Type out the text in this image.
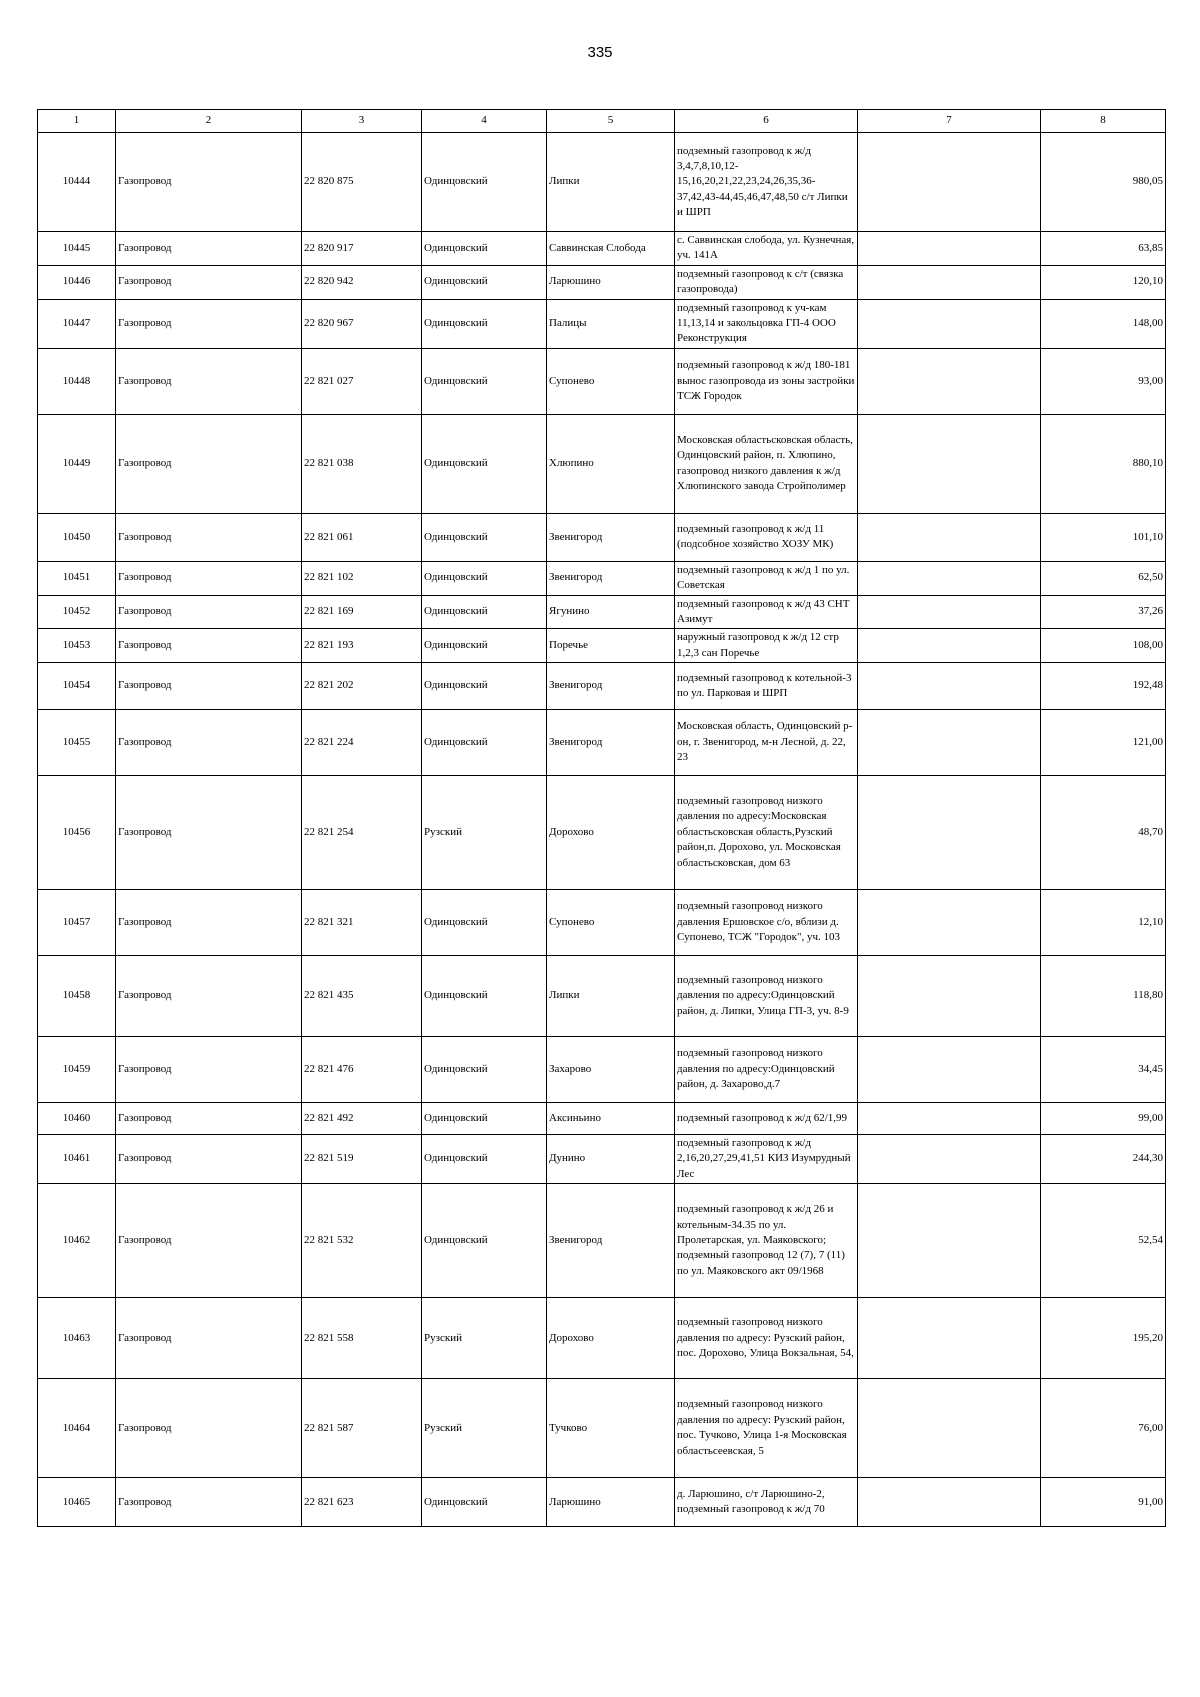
335
1	2	3	4	5	6	7	8
10444	Газопровод	22 820 875	Одинцовский	Липки	подземный газопровод к ж/д 3,4,7,8,10,12-15,16,20,21,22,23,24,26,35,36-37,42,43-44,45,46,47,48,50 с/т Липки и ШРП		980,05
10445	Газопровод	22 820 917	Одинцовский	Саввинская Слобода	с. Саввинская слобода, ул. Кузнечная, уч. 141А		63,85
10446	Газопровод	22 820 942	Одинцовский	Ларюшино	подземный газопровод к с/т (связка газопровода)		120,10
10447	Газопровод	22 820 967	Одинцовский	Палицы	подземный газопровод к уч-кам 11,13,14 и закольцовка ГП-4 ООО Реконструкция		148,00
10448	Газопровод	22 821 027	Одинцовский	Супонево	подземный газопровод к ж/д 180-181 вынос газопровода из зоны застройки ТСЖ Городок		93,00
10449	Газопровод	22 821 038	Одинцовский	Хлюпино	Московская областьсковская область, Одинцовский район, п. Хлюпино, газопровод низкого давления к ж/д Хлюпинского завода Стройполимер		880,10
10450	Газопровод	22 821 061	Одинцовский	Звенигород	подземный газопровод к ж/д 11 (подсобное хозяйство ХОЗУ МК)		101,10
10451	Газопровод	22 821 102	Одинцовский	Звенигород	подземный газопровод к ж/д 1 по ул. Советская		62,50
10452	Газопровод	22 821 169	Одинцовский	Ягунино	подземный газопровод к ж/д 43 СНТ Азимут		37,26
10453	Газопровод	22 821 193	Одинцовский	Поречье	наружный газопровод к ж/д 12 стр 1,2,3 сан Поречье		108,00
10454	Газопровод	22 821 202	Одинцовский	Звенигород	подземный газопровод к котельной-3 по ул. Парковая и ШРП		192,48
10455	Газопровод	22 821 224	Одинцовский	Звенигород	Московская область, Одинцовский р-он, г. Звенигород, м-н Лесной, д. 22, 23		121,00
10456	Газопровод	22 821 254	Рузский	Дорохово	подземный газопровод низкого давления по адресу:Московская областьсковская область,Рузский район,п. Дорохово, ул. Московская областьсковская, дом 63		48,70
10457	Газопровод	22 821 321	Одинцовский	Супонево	подземный газопровод низкого давления Ершовское с/о, вблизи д. Супонево, ТСЖ "Городок", уч. 103		12,10
10458	Газопровод	22 821 435	Одинцовский	Липки	подземный газопровод низкого давления по адресу:Одинцовский район, д. Липки, Улица ГП-3, уч. 8-9		118,80
10459	Газопровод	22 821 476	Одинцовский	Захарово	подземный газопровод низкого давления по адресу:Одинцовский район, д. Захарово,д.7		34,45
10460	Газопровод	22 821 492	Одинцовский	Аксиньино	подземный газопровод к ж/д 62/1,99		99,00
10461	Газопровод	22 821 519	Одинцовский	Дунино	подземный газопровод к ж/д 2,16,20,27,29,41,51 КИЗ Изумрудный Лес		244,30
10462	Газопровод	22 821 532	Одинцовский	Звенигород	подземный газопровод к ж/д 26 и котельным-34.35 по ул. Пролетарская, ул. Маяковского; подземный газопровод 12 (7), 7 (11) по ул. Маяковского акт 09/1968		52,54
10463	Газопровод	22 821 558	Рузский	Дорохово	подземный газопровод низкого давления по адресу: Рузский район, пос. Дорохово, Улица Вокзальная, 54,		195,20
10464	Газопровод	22 821 587	Рузский	Тучково	подземный газопровод низкого давления по адресу: Рузский район, пос. Тучково, Улица 1-я Московская областьсеевская, 5		76,00
10465	Газопровод	22 821 623	Одинцовский	Ларюшино	д. Ларюшино, с/т Ларюшино-2, подземный газопровод к ж/д 70		91,00
